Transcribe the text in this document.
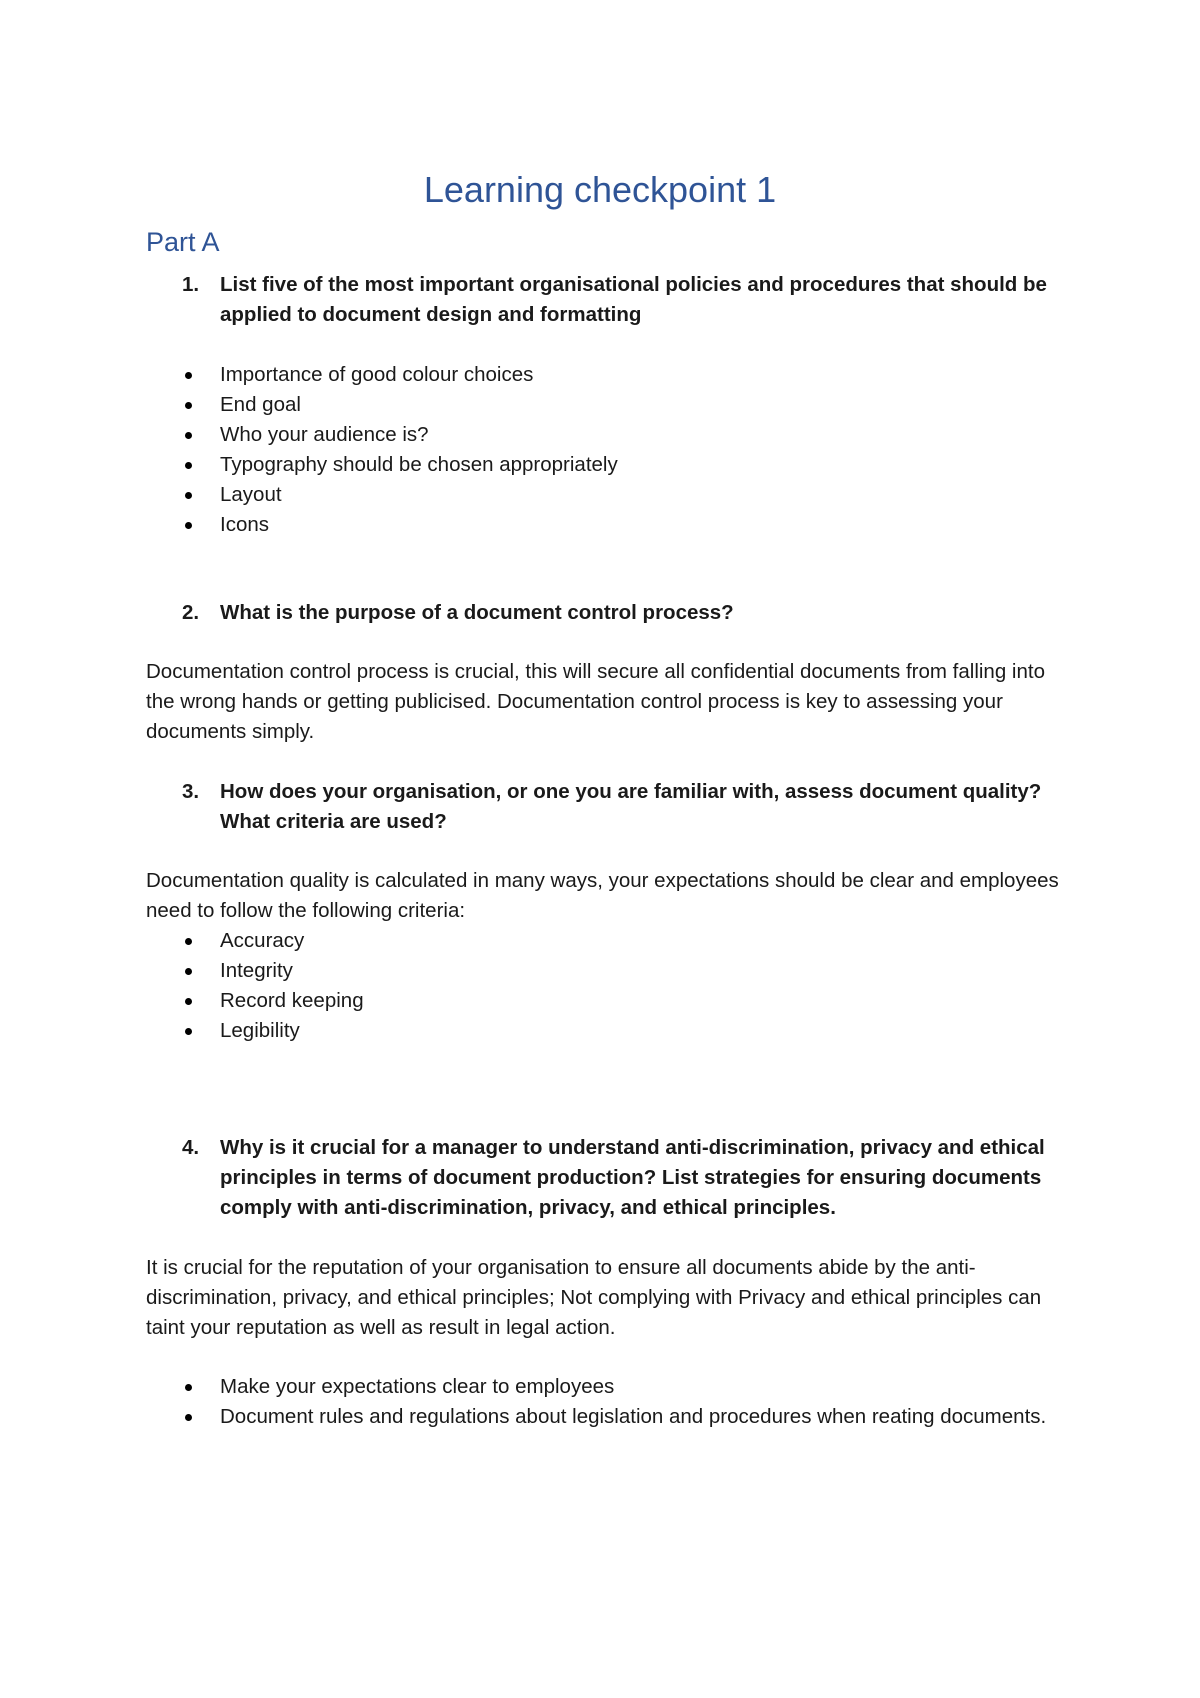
Learning checkpoint 1
Part A

1.	List five of the most important organisational policies and procedures that should be applied to document design and formatting

Importance of good colour choices
End goal
Who your audience is?
Typography should be chosen appropriately
Layout
Icons

2.	What is the purpose of a document control process?

Documentation control process is crucial, this will secure all confidential documents from falling into the wrong hands or getting publicised. Documentation control process is key to assessing your documents simply.

3.	How does your organisation, or one you are familiar with, assess document quality? What criteria are used?

Documentation quality is calculated in many ways, your expectations should be clear and employees need to follow the following criteria:

Accuracy
Integrity
Record keeping
Legibility

4.	Why is it crucial for a manager to understand anti-discrimination, privacy and ethical principles in terms of document production? List strategies for ensuring documents comply with anti-discrimination, privacy, and ethical principles.

It is crucial for the reputation of your organisation to ensure all documents abide by the anti-discrimination, privacy, and ethical principles; Not complying with Privacy and ethical principles can taint your reputation as well as result in legal action.

Make your expectations clear to employees
Document rules and regulations about legislation and procedures when reating documents.
